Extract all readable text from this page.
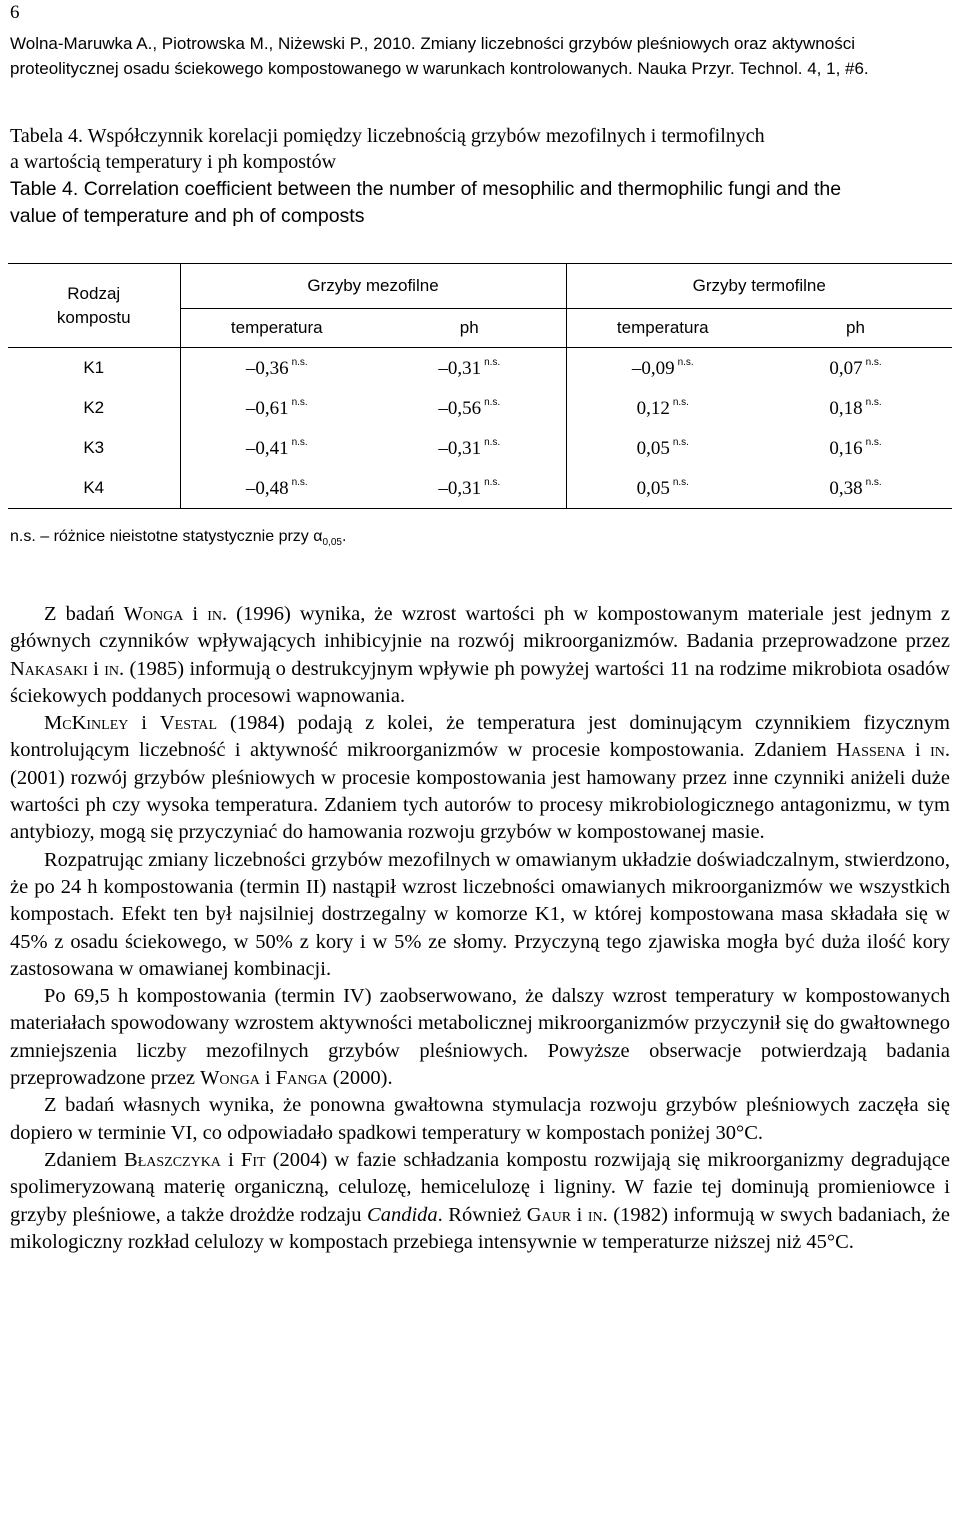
6
Wolna-Maruwka A., Piotrowska M., Niżewski P., 2010. Zmiany liczebności grzybów pleśniowych oraz aktywności
proteolitycznej osadu ściekowego kompostowanego w warunkach kontrolowanych. Nauka Przyr. Technol. 4, 1, #6.
Tabela 4. Współczynnik korelacji pomiędzy liczebnością grzybów mezofilnych i termofilnych
a wartością temperatury i ph kompostów
Table 4. Correlation coefficient between the number of mesophilic and thermophilic fungi and the
value of temperature and ph of composts
Rodzaj
kompostu	Grzyby mezofilne		Grzyby termofilne	
	temperatura	ph	temperatura	ph
K1	–0,36 $^{n.s.}$	–0,31 $^{n.s.}$	–0,09 $^{n.s.}$	0,07 $^{n.s.}$
K2	–0,61 $^{n.s.}$	–0,56 $^{n.s.}$	0,12 $^{n.s.}$	0,18 $^{n.s.}$
K3	–0,41 $^{n.s.}$	–0,31 $^{n.s.}$	0,05 $^{n.s.}$	0,16 $^{n.s.}$
K4	–0,48 $^{n.s.}$	–0,31 $^{n.s.}$	0,05 $^{n.s.}$	0,38 $^{n.s.}$
n.s. – różnice nieistotne statystycznie przy $\alpha_{0,05}$.

Z badań Wonga i in. (1996) wynika, że wzrost wartości ph w kompostowanym materiale jest jednym z głównych czynników wpływających inhibicyjnie na rozwój mikroorganizmów. Badania przeprowadzone przez Nakasaki i in. (1985) informują o destrukcyjnym wpływie ph powyżej wartości 11 na rodzime mikrobiota osadów ściekowych poddanych procesowi wapnowania.

McKinley i Vestal (1984) podają z kolei, że temperatura jest dominującym czynnikiem fizycznym kontrolującym liczebność i aktywność mikroorganizmów w procesie kompostowania. Zdaniem Hassena i in. (2001) rozwój grzybów pleśniowych w procesie kompostowania jest hamowany przez inne czynniki aniżeli duże wartości ph czy wysoka temperatura. Zdaniem tych autorów to procesy mikrobiologicznego antagonizmu, w tym antybiozy, mogą się przyczyniać do hamowania rozwoju grzybów w kompostowanej masie.

Rozpatrując zmiany liczebności grzybów mezofilnych w omawianym układzie doświadczalnym, stwierdzono, że po 24 h kompostowania (termin II) nastąpił wzrost liczebności omawianych mikroorganizmów we wszystkich kompostach. Efekt ten był najsilniej dostrzegalny w komorze K1, w której kompostowana masa składała się w 45% z osadu ściekowego, w 50% z kory i w 5% ze słomy. Przyczyną tego zjawiska mogła być duża ilość kory zastosowana w omawianej kombinacji.

Po 69,5 h kompostowania (termin IV) zaobserwowano, że dalszy wzrost temperatury w kompostowanych materiałach spowodowany wzrostem aktywności metabolicznej mikroorganizmów przyczynił się do gwałtownego zmniejszenia liczby mezofilnych grzybów pleśniowych. Powyższe obserwacje potwierdzają badania przeprowadzone przez Wonga i Fanga (2000).

Z badań własnych wynika, że ponowna gwałtowna stymulacja rozwoju grzybów pleśniowych zaczęła się dopiero w terminie VI, co odpowiadało spadkowi temperatury w kompostach poniżej 30°C.

Zdaniem Błaszczyka i Fit (2004) w fazie schładzania kompostu rozwijają się mikroorganizmy degradujące spolimeryzowaną materię organiczną, celulozę, hemicelulozę i ligniny. W fazie tej dominują promieniowce i grzyby pleśniowe, a także drożdże rodzaju Candida. Również Gaur i in. (1982) informują w swych badaniach, że mikologiczny rozkład celulozy w kompostach przebiega intensywnie w temperaturze niższej niż 45°C.
